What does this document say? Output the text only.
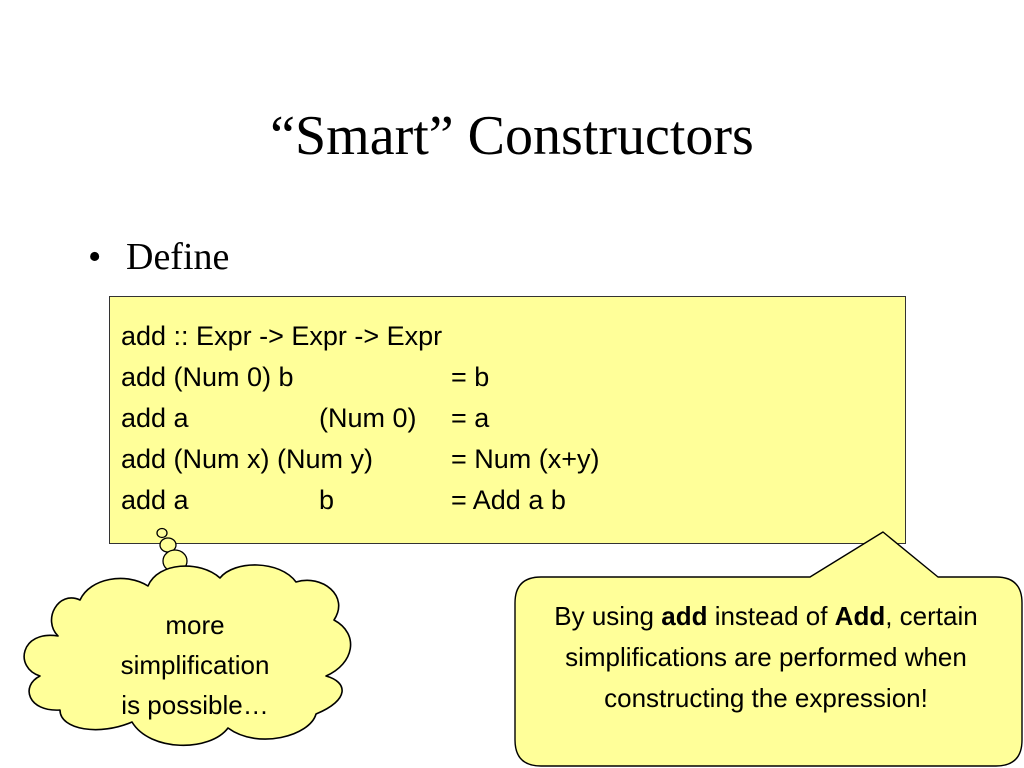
“Smart” Constructors
• Define
add :: Expr -> Expr -> Expr		
add (Num 0) b		= b
add a	(Num 0)	= a
add (Num x) (Num y)		= Num (x+y)
add a	b	= Add a b
more
simplification
is possible…
By using add instead of Add, certain simplifications are performed when constructing the expression!
